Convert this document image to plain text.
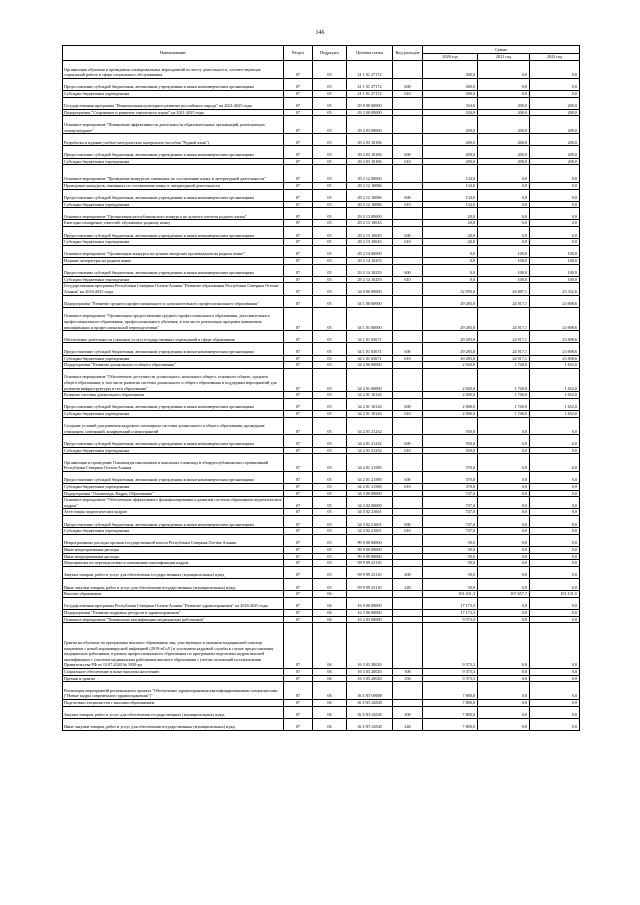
146
Наименование	Раздел	Подраздел	Целевая статья	Вид расходов	Сумма		
					2020 год	2021 год	2022 год
Организация обучения и проведения стажировальных мероприятий по месту деятельности, соответствующих социальной работе в сфере социального обслуживания	07	05	21 1 01 27172		300,0	0,0	0,0
Предоставление субсидий бюджетным, автономным учреждениям и иным некоммерческим организациям	07	05	21 1 01 27172	600	300,0	0,0	0,0
Субсидии бюджетным учреждениям	07	05	21 1 01 27172	610	300,0	0,0	0,0
Государственная программа "Национальная культурное развитие российского народа" на 2021-2025 годы	07	05	29 0 00 00000		334,0	200,0	200,0
Подпрограмма "Сохранение и развитие этнического языка" на 2021-2025 годы	07	05	29 2 00 00000		334,0	200,0	200,0
Основное мероприятие "Повышение эффективности деятельности образовательных организаций, реализующих этнокультурное"	07	05	29 2 03 00000		200,0	200,0	200,0
Разработка и издание учебно-методических материалов (пособия "Родной язык")	07	05	29 2 03 10186		200,0	200,0	200,0
Предоставление субсидий бюджетным, автономным учреждениям и иным некоммерческим организациям	07	05	29 2 03 10186	600	200,0	200,0	200,0
Субсидии бюджетным учреждениям	07	05	29 2 03 10186	610	200,0	200,0	200,0
Основное мероприятие "Проведение конкурсов, связанных по составлению языку в литературной деятельности"	07	05	29 2 12 00000		134,0	0,0	0,0
Проведение конкурсов, связанных по составлению языку в литературной деятельности	07	05	29 2 12 10086		134,0	0,0	0,0
Предоставление субсидий бюджетным, автономным учреждениям и иным некоммерческим организациям	07	05	29 2 12 10086	600	134,0	0,0	0,0
Субсидии бюджетным учреждениям	07	05	29 2 12 10086	610	134,0	0,0	0,0
Основное мероприятие "Организация республиканского конкурса на лучшего учителя родного языка"	07	05	29 2 13 00000		20,0	0,0	0,0
Ежегодно поощрение учителей, обучающих родному языку	07	05	29 2 13 10043		20,0	0,0	0,0
Предоставление субсидий бюджетным, автономным учреждениям и иным некоммерческим организациям	07	05	29 2 13 10043	600	20,0	0,0	0,0
Субсидии бюджетным учреждениям	07	05	29 2 13 10043	610	20,0	0,0	0,0
Основное мероприятие "Организация конкурса на лучшие авторские произведения на родном языке"	07	05	29 2 14 00000		0,0	100,0	100,0
Издание литературы на родном языке	07	05	29 2 14 10255		0,0	100,0	100,0
Предоставление субсидий бюджетным, автономным учреждениям и иным некоммерческим организациям	07	05	29 2 14 10255	600	0,0	100,0	100,0
Субсидии бюджетным учреждениям	07	05	29 2 14 10255	610	0,0	100,0	100,0
Государственная программа Республики Северная Осетия-Алания "Развитие образования Республики Северная Осетия-Алания" на 2016-2025 годы	07	05	34 0 00 00000		32 950,0	26 687,1	25 332,6
Подпрограмма "Развитие среднего профессионального и дополнительного профессионального образования"	07	05	34 1 00 00000		29 283,0	24 917,1	23 698,6
Основное мероприятие "Организация предоставления среднего профессионального образования, дополнительного профессионального образования, профессионального обучения, в том числе реализация программ повышения квалификации и профессиональной переподготовки"	07	05	34 1 01 00000		29 283,0	24 917,1	23 698,6
Обеспечение деятельности (оказание услуг) государственных учреждений в сфере образования	07	05	34 1 01 03671		29 283,0	24 917,1	23 698,6
Предоставление субсидий бюджетным, автономным учреждениям и иным некоммерческим организациям	07	05	34 1 01 03671	600	29 283,0	24 917,1	23 698,6
Субсидии бюджетным учреждениям	07	05	34 1 01 03671	610	29 283,0	24 917,1	23 698,6
Подпрограмма "Развитие дошкольного и общего образования"	07	05	34 2 00 00000		2 920,0	1 740,0	1 652,0
Основное мероприятие "Обеспечение доступности дошкольного, начального общего, основного общего, среднего общего образования, в том числе развития системы дошкольного и общего образования и поддержки мероприятий для развития инфраструктуры и сети образования"	07	05	34 2 01 00000		2 920,0	1 740,0	1 652,0
Развитие системы дошкольного образования	07	05	34 2 01 10126		2 000,0	1 740,0	1 652,0
Предоставление субсидий бюджетным, автономным учреждениям и иным некоммерческим организациям	07	05	34 2 01 10126	600	2 000,0	1 740,0	1 652,0
Субсидии бюджетным учреждениям	07	05	34 2 01 10126	610	2 000,0	1 740,0	1 652,0
Создание условий для развития кадрового потенциала системы дошкольного и общего образования, проведение семинаров, совещаний, конференций и мероприятий	07	05	34 2 01 21232		550,0	0,0	0,0
Предоставление субсидий бюджетным, автономным учреждениям и иным некоммерческим организациям	07	05	34 2 01 21232	600	550,0	0,0	0,0
Субсидии бюджетным учреждениям	07	05	34 2 01 21232	610	550,0	0,0	0,0
Организация и проведение Олимпиады школьников и школьных олимпиад и общереспубликанских соревнований Республики Северная Осетия-Алания	07	05	34 2 01 21580		370,0	0,0	0,0
Предоставление субсидий бюджетным, автономным учреждениям и иным некоммерческим организациям	07	05	34 2 01 21580	600	370,0	0,0	0,0
Субсидии бюджетным учреждениям	07	05	34 2 01 21580	610	370,0	0,0	0,0
Подпрограмма "Олимпиада, Кадры, Образование"	07	05	34 3 00 00000		747,0	0,0	0,0
Основное мероприятие "Обеспечение эффективного функционирования и развития системы образования педагогических кадров"	07	05	34 3 02 00000		747,0	0,0	0,0
Аттестация педагогических кадров	07	05	34 3 02 21601		747,0	0,0	0,0
Предоставление субсидий бюджетным, автономным учреждениям и иным некоммерческим организациям	07	05	34 3 02 21601	600	747,0	0,0	0,0
Субсидии бюджетным учреждениям	07	05	34 3 02 21601	610	747,0	0,0	0,0
Непрограммные расходы органов государственной власти Республики Северная Осетия-Алания	07	05	99 0 00 00000		50,0	0,0	0,0
Иные непрограммные расходы	07	05	99 9 00 00000		50,0	0,0	0,0
Иные непрограммные расходы	07	05	99 9 99 00000		50,0	0,0	0,0
Мероприятия по переподготовке и повышению квалификации кадров	07	05	99 9 99 23110		50,0	0,0	0,0
Закупка товаров, работ и услуг для обеспечения государственных (муниципальных) нужд	07	05	99 9 99 23110	200	50,0	0,0	0,0
Иные закупки товаров, работ и услуг для обеспечения государственных (муниципальных) нужд	07	05	99 9 99 23110	240	50,0	0,0	0,0
Высшее образование	07	06			101 631,3	107 657,7	101 131,5
Государственная программа Республики Северная Осетия-Алания "Развитие здравоохранения" на 2016-2025 годы	07	06	16 0 00 00000		17 173,3	0,0	0,0
Подпрограмма "Развитие кадровых ресурсов в здравоохранении"	07	06	16 3 00 00000		17 173,3	0,0	0,0
Основное мероприятие "Повышение квалификации медицинских работников"	07	06	16 3 03 00000		9 373,3	0,0	0,0
Гранты на обучение по программам высшего образования лиц, участвующих в оказании медицинской помощи пациентам с новой коронавирусной инфекцией (2019-nCoV) и усилением кадровой службы в случае предоставления медицинских работников, в рамках профессионального образования по программам подготовки кадров высшей квалификации с участием медицинских работников высшего образования с учетом положений постановления Правительства РФ от 15.07.2020 № 1050-рп	07	06	16 3 03 20020		9 373,3	0,0	0,0
Социальное обеспечение и иные выплаты населению	07	06	16 3 03 20020	300	9 373,3	0,0	0,0
Премии и гранты	07	06	16 3 03 20020	350	9 373,3	0,0	0,0
Реализация мероприятий регионального проекта "Обеспечение здравоохранения квалифицированными специалистами ("Новые кадры современного здравоохранения")"	07	06	16 3 N5 00000		7 800,0	0,0	0,0
Подготовка специалистов с высшим образованием	07	06	16 3 N5 26545		7 800,0	0,0	0,0
Закупка товаров, работ и услуг для обеспечения государственных (муниципальных) нужд	07	06	16 3 N5 26545	200	7 800,0	0,0	0,0
Иные закупки товаров, работ и услуг для обеспечения государственных (муниципальных) нужд	07	06	16 3 N5 26545	240	7 800,0	0,0	0,0
